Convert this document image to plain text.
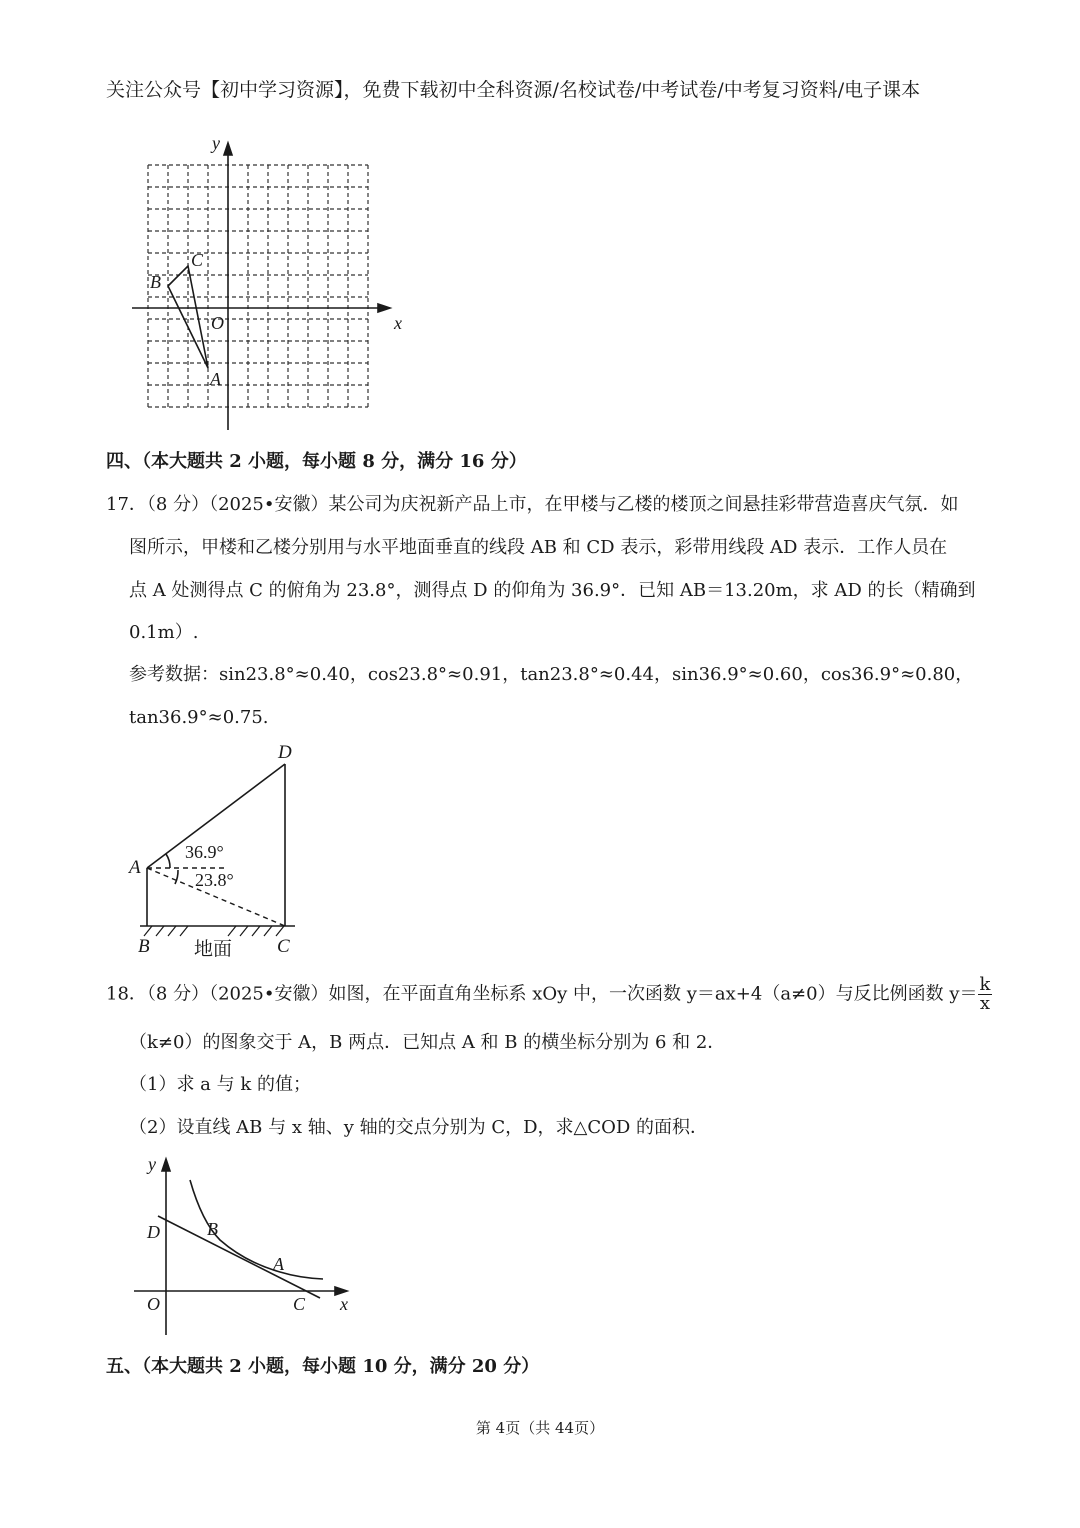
关注公众号【初中学习资源】，免费下载初中全科资源/名校试卷/中考试卷/中考复习资料/电子课本
y
x
B
C
O
A
四、（本大题共 2 小题，每小题 8 分，满分 16 分）
17．（8 分）（2025•安徽）某公司为庆祝新产品上市，在甲楼与乙楼的楼顶之间悬挂彩带营造喜庆气氛．如
图所示，甲楼和乙楼分别用与水平地面垂直的线段 AB 和 CD 表示，彩带用线段 AD 表示．工作人员在
点 A 处测得点 C 的俯角为 23.8°，测得点 D 的仰角为 36.9°．已知 AB＝13.20m，求 AD 的长（精确到
0.1m）.
参考数据：sin23.8°≈0.40，cos23.8°≈0.91，tan23.8°≈0.44，sin36.9°≈0.60，cos36.9°≈0.80，
tan36.9°≈0.75.
D
A
B	C
地面
36.9°
23.8°
18．（8 分）（2025•安徽）如图，在平面直角坐标系 xOy 中，一次函数 y＝ax+4（a≠0）与反比例函数 $y= \frac{k}{x}$
（k≠0）的图象交于 A，B 两点．已知点 A 和 B 的横坐标分别为 6 和 2．
（1）求 a 与 k 的值；
（2）设直线 AB 与 x 轴、y 轴的交点分别为 C，D，求△COD 的面积．
y
x
D	B
A
O	C
五、（本大题共 2 小题，每小题 10 分，满分 20 分）
第 4页（共 44页）
